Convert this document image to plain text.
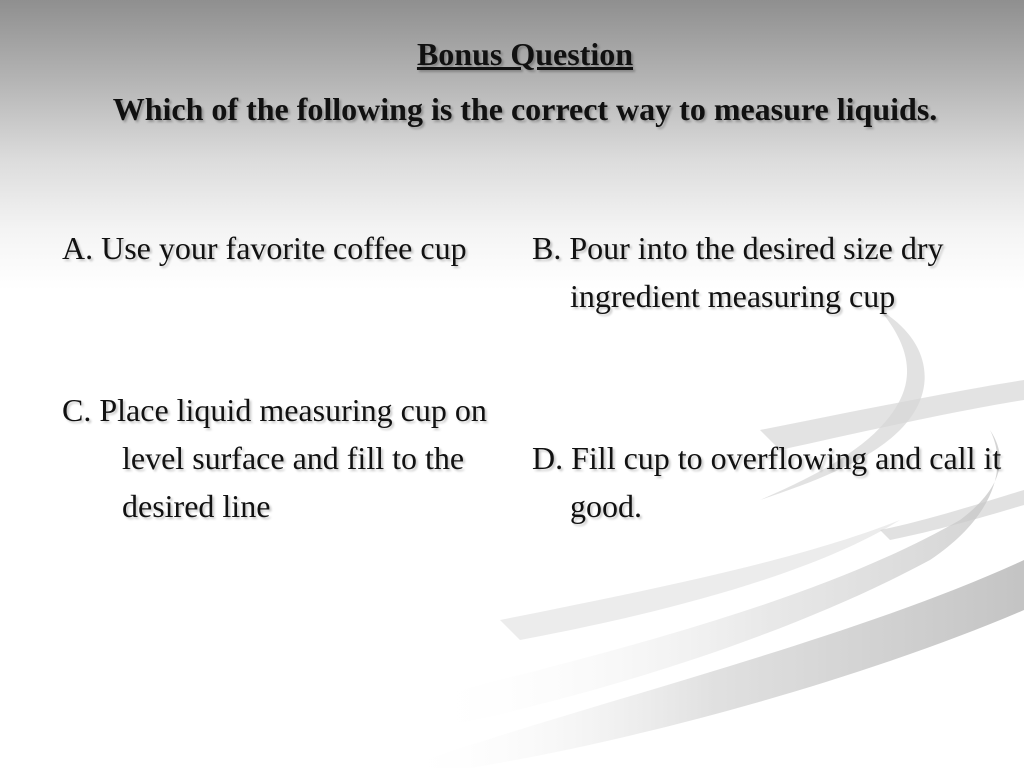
Bonus Question
Which of the following is the correct way to measure liquids.
A. Use your favorite coffee cup	B. Pour into the desired size dry ingredient measuring cup
C. Place liquid measuring cup on level surface and fill to the desired line
D. Fill cup to overflowing and call it good.
